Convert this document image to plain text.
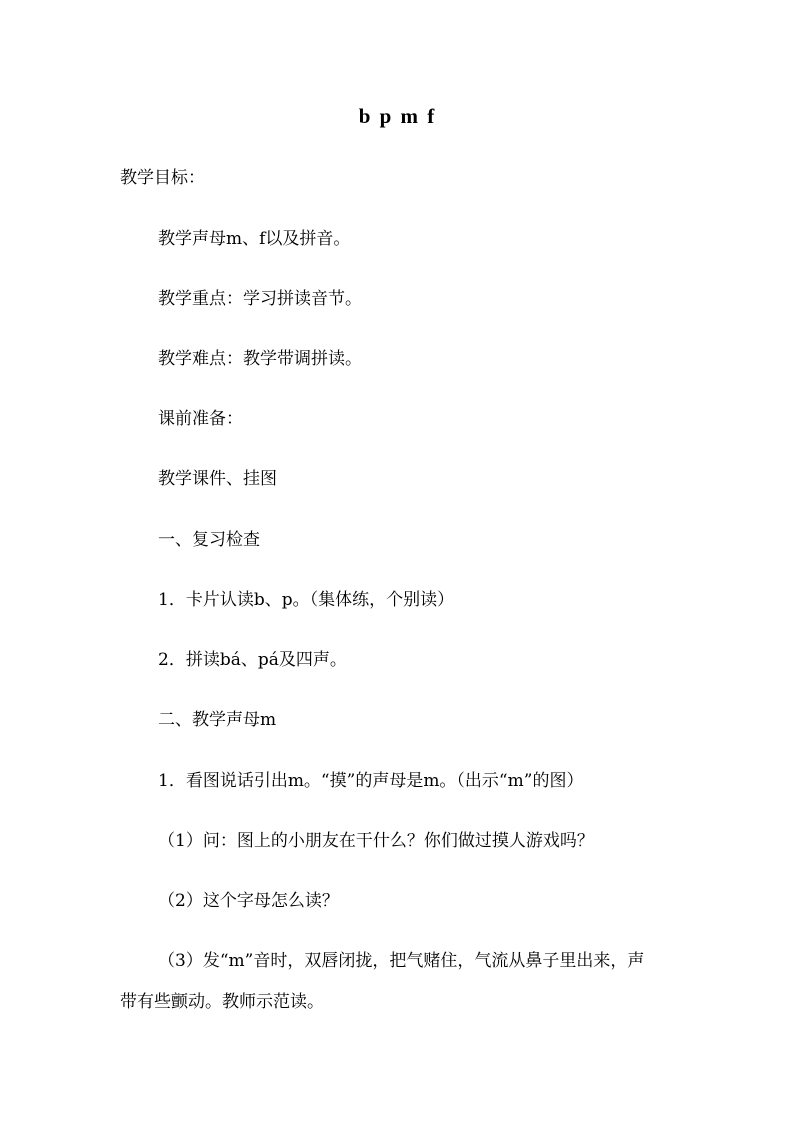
b p m f
教学目标：
教学声母m、f以及拼音。
教学重点：学习拼读音节。
教学难点：教学带调拼读。
课前准备：
教学课件、挂图
一、复习检查
1．卡片认读b、p。（集体练，个别读）
2．拼读bá、pá及四声。
二、教学声母m
1．看图说话引出m。“摸”的声母是m。（出示“m”的图）
（1）问：图上的小朋友在干什么？你们做过摸人游戏吗？
（2）这个字母怎么读？
（3）发“m”音时，双唇闭拢，把气赌住，气流从鼻子里出来，声
带有些颤动。教师示范读。
